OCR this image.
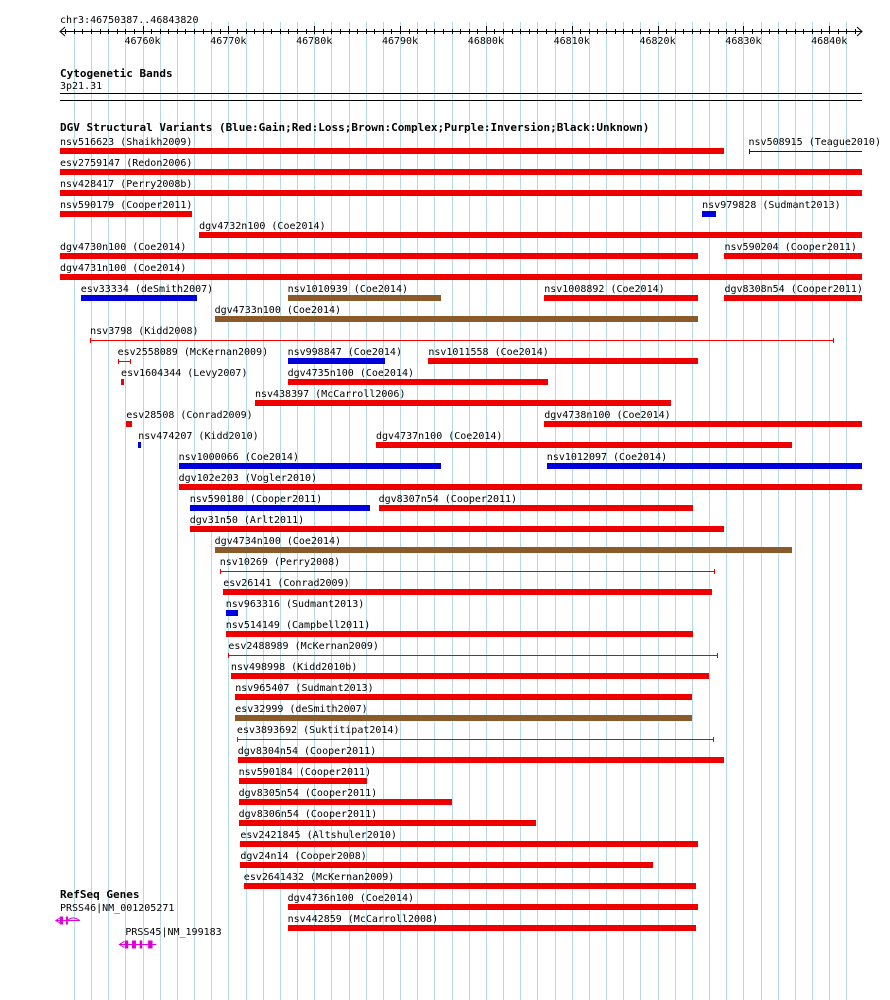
chr3:46750387..46843820
46760k	46770k	46780k	46790k	46800k	46810k	46820k	46830k	46840k
Cytogenetic Bands
3p21.31
DGV Structural Variants (Blue:Gain;Red:Loss;Brown:Complex;Purple:Inversion;Black:Unknown)
nsv516623 (Shaikh2009)	nsv508915 (Teague2010)
esv2759147 (Redon2006)
nsv428417 (Perry2008b)
nsv590179 (Cooper2011)
dgv4732n100 (Coe2014)
dgv4730n100 (Coe2014)
nsv979828 (Sudmant2013)
dgv4731n100 (Coe2014)
esv33334 (deSmith2007)
dgv4733n100 (Coe2014)
nsv590204 (Cooper2011)
nsv3798 (Kidd2008)
esv2558089 (McKernan2009)
nsv1010939 (Coe2014)	nsv1008892 (Coe2014)	dgv8308n54 (Cooper2011)
esv1604344 (Levy2007)
nsv438397 (McCarroll2006)
esv28508 (Conrad2009)
nsv998847 (Coe2014)	nsv1011558 (Coe2014)
nsv474207 (Kidd2010)
dgv4735n100 (Coe2014)
nsv1000066 (Coe2014)
dgv4738n100 (Coe2014)
dgv102e203 (Vogler2010)
nsv590180 (Cooper2011)
dgv4737n100 (Coe2014)
dgv31n50 (Arlt2011)
dgv4734n100 (Coe2014)
nsv10269 (Perry2008)
esv26141 (Conrad2009)
nsv963316 (Sudmant2013)
dgv8307n54 (Cooper2011)
nsv514149 (Campbell2011)
esv2488989 (McKernan2009)
nsv498998 (Kidd2010b)
nsv965407 (Sudmant2013)
esv32999 (deSmith2007)
esv3893692 (Suktitipat2014)
dgv8304n54 (Cooper2011)
nsv590184 (Cooper2011)
nsv1012097 (Coe2014)
dgv8305n54 (Cooper2011)
dgv8306n54 (Cooper2011)
esv2421845 (Altshuler2010)
dgv24n14 (Cooper2008)
esv2641432 (McKernan2009)
dgv4736n100 (Coe2014)
nsv442859 (McCarroll2008)
RefSeq Genes
PRSS46|NM_001205271
PRSS45|NM_199183
